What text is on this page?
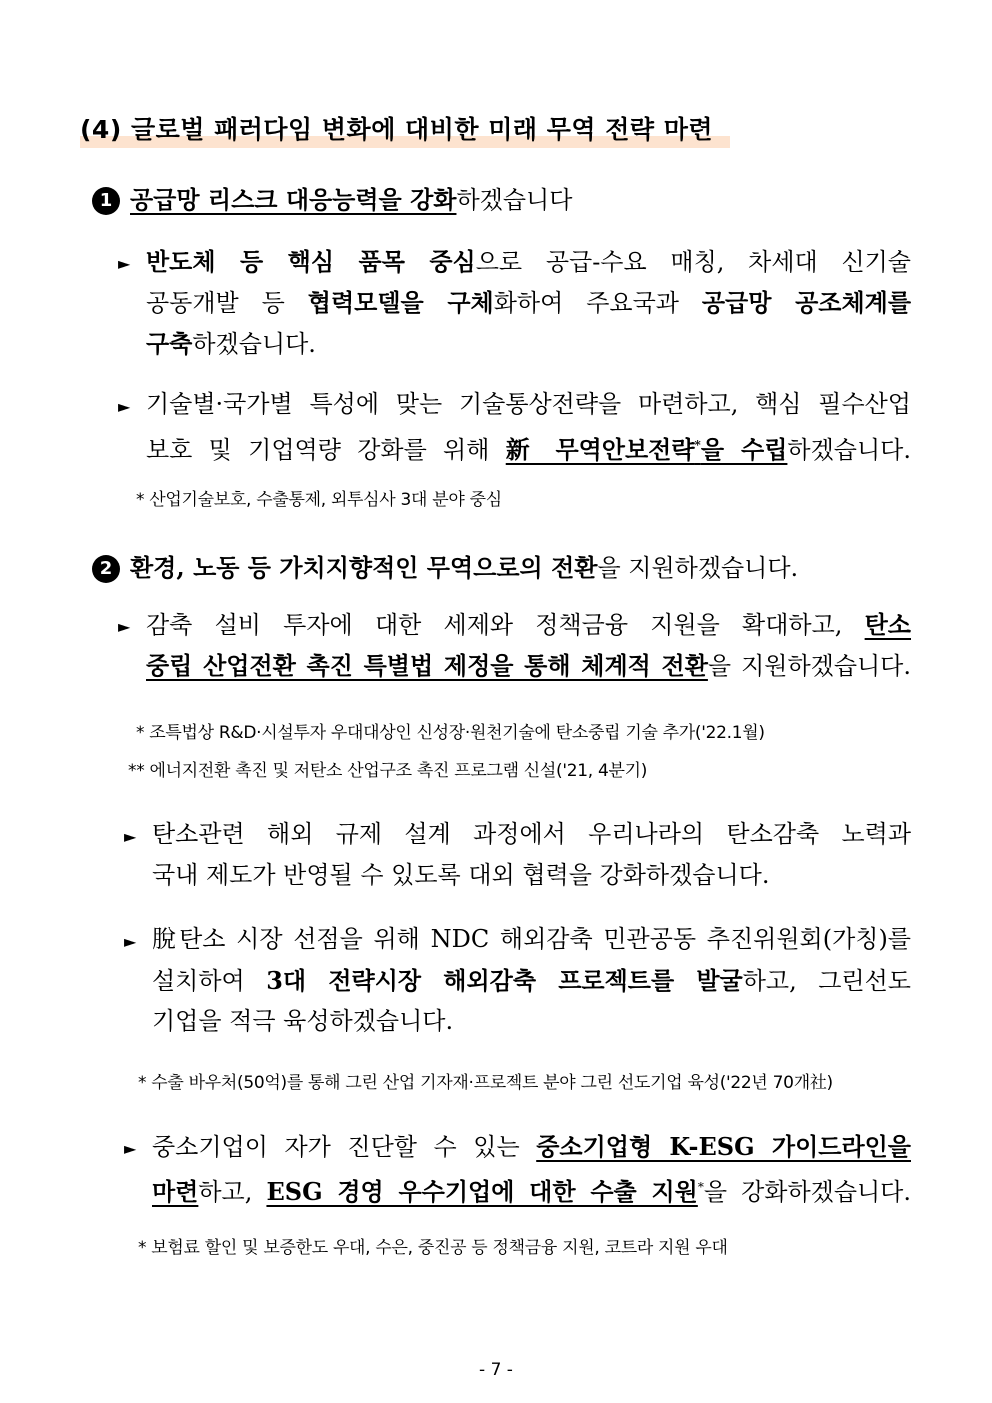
(4) 글로벌 패러다임 변화에 대비한 미래 무역 전략 마련
1 공급망 리스크 대응능력을 강화하겠습니다
► 반도체 등 핵심 품목 중심으로 공급-수요 매칭, 차세대 신기술
공동개발 등 협력모델을 구체화하여 주요국과 공급망 공조체계를
구축하겠습니다.
► 기술별·국가별 특성에 맞는 기술통상전략을 마련하고, 핵심 필수산업
보호 및 기업역량 강화를 위해 新 무역안보전략*을 수립하겠습니다.
* 산업기술보호, 수출통제, 외투심사 3대 분야 중심
2 환경, 노동 등 가치지향적인 무역으로의 전환을 지원하겠습니다.
► 감축 설비 투자에 대한 세제와 정책금융 지원을 확대하고, 탄소
중립 산업전환 촉진 특별법 제정을 통해 체계적 전환을 지원하겠습니다.
* 조특법상 R&D·시설투자 우대대상인 신성장·원천기술에 탄소중립 기술 추가('22.1월)
** 에너지전환 촉진 및 저탄소 산업구조 촉진 프로그램 신설('21, 4분기)
► 탄소관련 해외 규제 설계 과정에서 우리나라의 탄소감축 노력과
국내 제도가 반영될 수 있도록 대외 협력을 강화하겠습니다.
► 脫탄소 시장 선점을 위해 NDC 해외감축 민관공동 추진위원회(가칭)를
설치하여 3대 전략시장 해외감축 프로젝트를 발굴하고, 그린선도
기업을 적극 육성하겠습니다.
* 수출 바우처(50억)를 통해 그린 산업 기자재·프로젝트 분야 그린 선도기업 육성('22년 70개社)
► 중소기업이 자가 진단할 수 있는 중소기업형 K-ESG 가이드라인을
마련하고, ESG 경영 우수기업에 대한 수출 지원*을 강화하겠습니다.
* 보험료 할인 및 보증한도 우대, 수은, 중진공 등 정책금융 지원, 코트라 지원 우대
- 7 -
